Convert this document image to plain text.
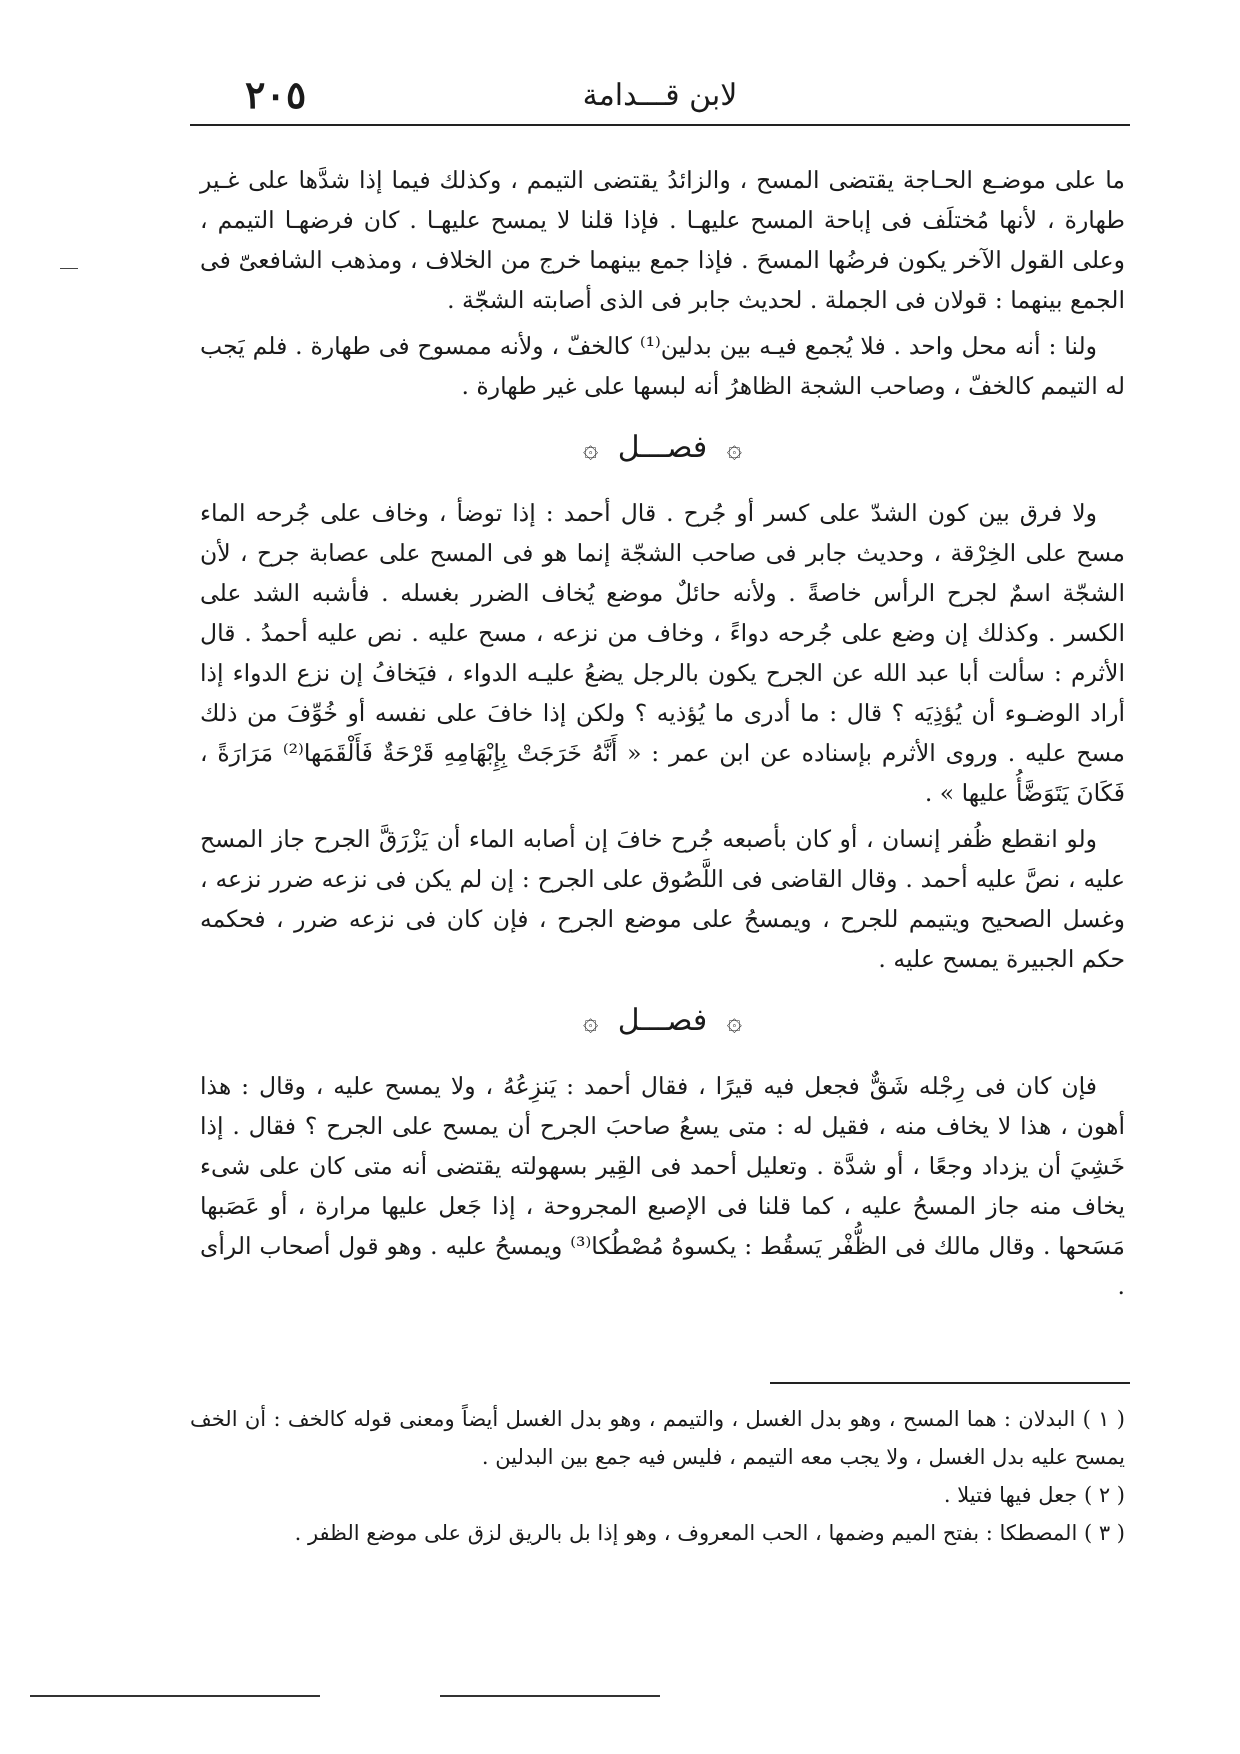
٢٠٥	لابن قـــدامة

ما على موضـع الحـاجة يقتضى المسح ، والزائدُ يقتضى التيمم ، وكذلك فيما إذا شدَّها على غـير طهارة ، لأنها مُختلَف فى إباحة المسح عليهـا . فإذا قلنا لا يمسح عليهـا . كان فرضهـا التيمم ، وعلى القول الآخر يكون فرضُها المسحَ . فإذا جمع بينهما خرج من الخلاف ، ومذهب الشافعىّ فى الجمع بينهما : قولان فى الجملة . لحديث جابر فى الذى أصابته الشجّة .

ولنا : أنه محل واحد . فلا يُجمع فيـه بين بدلين⁽¹⁾ كالخفّ ، ولأنه ممسوح فى طهارة . فلم يَجب له التيمم كالخفّ ، وصاحب الشجة الظاهرُ أنه لبسها على غير طهارة .

۞ فصـــل ۞

ولا فرق بين كون الشدّ على كسر أو جُرح . قال أحمد : إذا توضأ ، وخاف على جُرحه الماء مسح على الخِرْقة ، وحديث جابر فى صاحب الشجّة إنما هو فى المسح على عصابة جرح ، لأن الشجّة اسمٌ لجرح الرأس خاصةً . ولأنه حائلٌ موضع يُخاف الضرر بغسله . فأشبه الشد على الكسر . وكذلك إن وضع على جُرحه دواءً ، وخاف من نزعه ، مسح عليه . نص عليه أحمدُ . قال الأثرم : سألت أبا عبد الله عن الجرح يكون بالرجل يضعُ عليـه الدواء ، فيَخافُ إن نزع الدواء إذا أراد الوضـوء أن يُؤذِيَه ؟ قال : ما أدرى ما يُؤذيه ؟ ولكن إذا خافَ على نفسه أو خُوِّفَ من ذلك مسح عليه . وروى الأثرم بإسناده عن ابن عمر : « أَنَّهُ خَرَجَتْ بِإِبْهَامِهِ قَرْحَةٌ فَأَلْقَمَها⁽²⁾ مَرَارَةً ، فَكَانَ يَتَوَضَّأُ عليها » .

ولو انقطع ظُفر إنسان ، أو كان بأصبعه جُرح خافَ إن أصابه الماء أن يَزْرَقَّ الجرح جاز المسح عليه ، نصَّ عليه أحمد . وقال القاضى فى اللَّصُوق على الجرح : إن لم يكن فى نزعه ضرر نزعه ، وغسل الصحيح ويتيمم للجرح ، ويمسحُ على موضع الجرح ، فإن كان فى نزعه ضرر ، فحكمه حكم الجبيرة يمسح عليه .

۞ فصـــل ۞

فإن كان فى رِجْله شَقٌّ فجعل فيه قيرًا ، فقال أحمد : يَنزِعُهُ ، ولا يمسح عليه ، وقال : هذا أهون ، هذا لا يخاف منه ، فقيل له : متى يسعُ صاحبَ الجرح أن يمسح على الجرح ؟ فقال . إذا خَشِيَ أن يزداد وجعًا ، أو شدَّة . وتعليل أحمد فى القِير بسهولته يقتضى أنه متى كان على شىء يخاف منه جاز المسحُ عليه ، كما قلنا فى الإصبع المجروحة ، إذا جَعل عليها مرارة ، أو عَصَبها مَسَحها . وقال مالك فى الظُّفْر يَسقُط : يكسوهُ مُصْطُكا⁽³⁾ ويمسحُ عليه . وهو قول أصحاب الرأى .

( ١ ) البدلان : هما المسح ، وهو بدل الغسل ، والتيمم ، وهو بدل الغسل أيضاً ومعنى قوله كالخف : أن الخف يمسح عليه بدل الغسل ، ولا يجب معه التيمم ، فليس فيه جمع بين البدلين .

( ٢ ) جعل فيها فتيلا .

( ٣ ) المصطكا : بفتح الميم وضمها ، الحب المعروف ، وهو إذا بل بالريق لزق على موضع الظفر .
